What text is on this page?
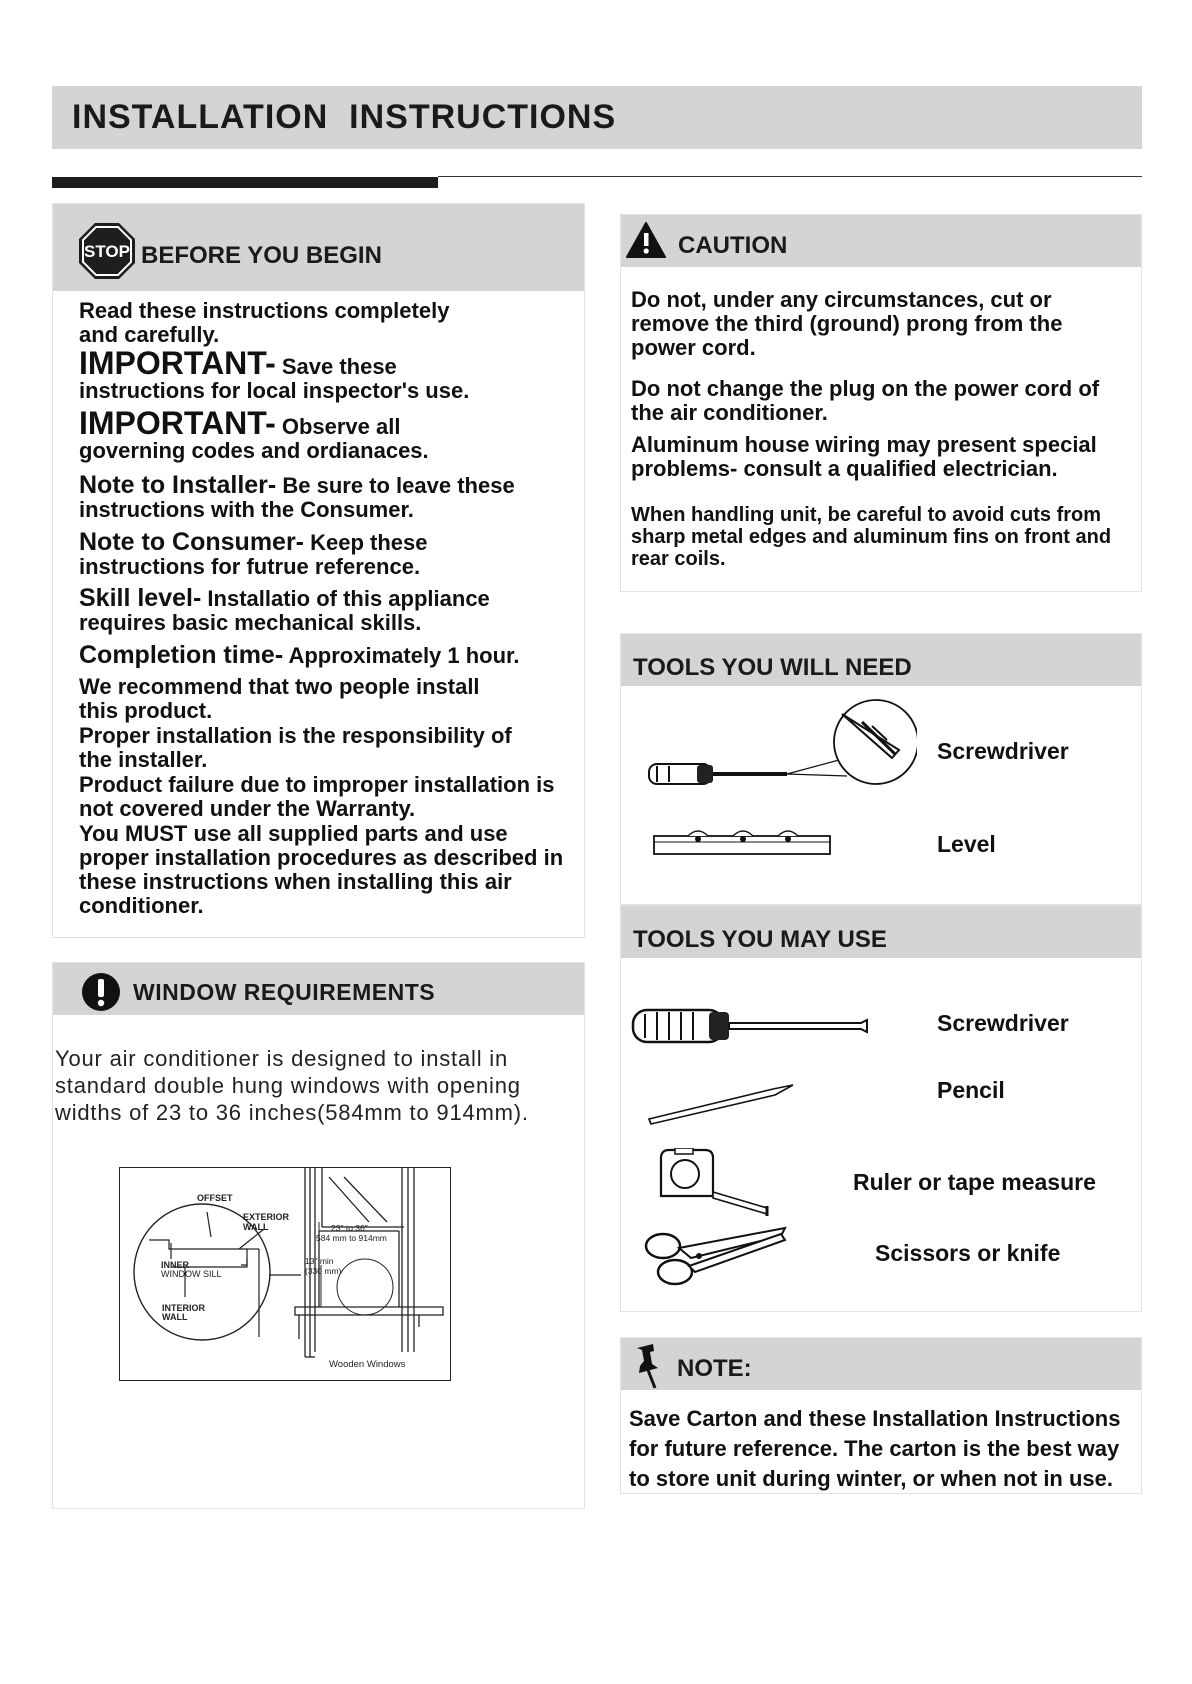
INSTALLATION  INSTRUCTIONS
STOP BEFORE YOU BEGIN

Read these instructions completely and carefully.

IMPORTANT- Save these instructions for local inspector's use.

IMPORTANT- Observe all governing codes and ordianaces.

Note to Installer- Be sure to leave these instructions with the Consumer.

Note to Consumer- Keep these instructions for futrue reference.

Skill level- Installatio of this appliance requires basic mechanical skills.

Completion time- Approximately 1 hour.

We recommend that two people install this product.

Proper installation is the responsibility of the installer.

Product failure due to improper installation is not covered under the Warranty.

You MUST use all supplied parts and use proper installation procedures as described in these instructions when installing this air conditioner.

WINDOW REQUIREMENTS

Your air conditioner is designed to install in standard double hung windows with opening widths of 23 to 36 inches(584mm to 914mm).

OFFSET
EXTERIOR
WALL
INNER
WINDOW SILL
INTERIOR
WALL
23" to 36"
584 mm to 914mm
13" min
(330 mm)
Wooden Windows
CAUTION

Do not, under any circumstances, cut or remove the third (ground) prong from the power cord.

Do not change the plug on the power cord of the air conditioner.

Aluminum house wiring may present special problems- consult a qualified electrician.

When handling unit, be careful to avoid cuts from sharp metal edges and aluminum fins on front and rear coils.

TOOLS YOU WILL NEED
Screwdriver
Level
TOOLS YOU MAY USE
Screwdriver
Pencil
Ruler or tape measure
Scissors or knife
NOTE:

Save Carton and these Installation Instructions for future reference. The carton is the best way to store unit during winter, or when not in use.
